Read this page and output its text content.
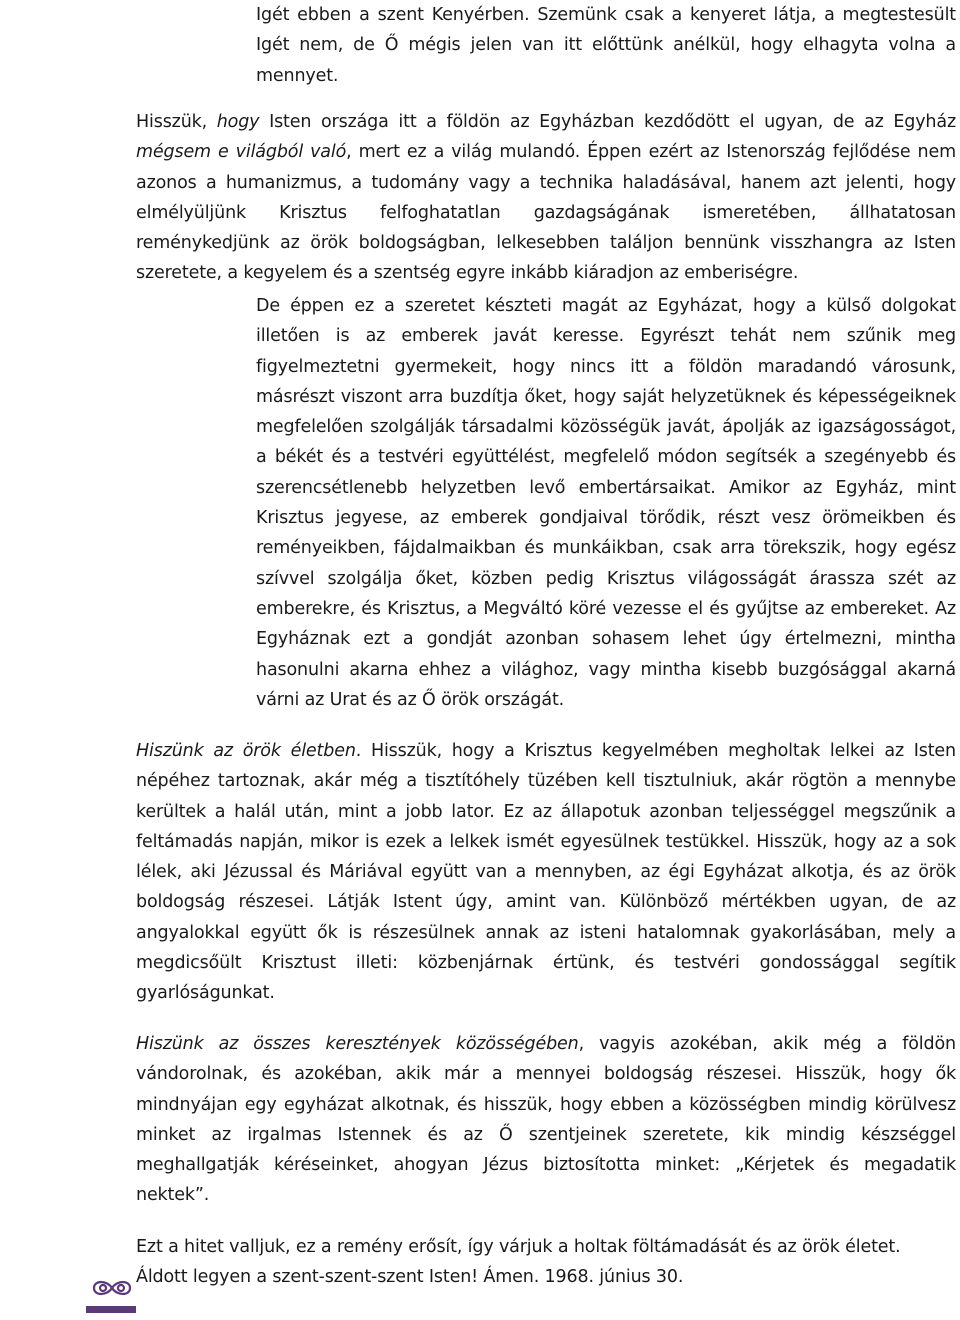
Igét ebben a szent Kenyérben. Szemünk csak a kenyeret látja, a megtestesült Igét nem, de Ő mégis jelen van itt előttünk anélkül, hogy elhagyta volna a mennyet.

Hisszük, hogy Isten országa itt a földön az Egyházban kezdődött el ugyan, de az Egyház mégsem e világból való, mert ez a világ mulandó. Éppen ezért az Istenország fejlődése nem azonos a humanizmus, a tudomány vagy a technika haladásával, hanem azt jelenti, hogy elmélyüljünk Krisztus felfoghatatlan gazdagságának ismeretében, állhatatosan reménykedjünk az örök boldogságban, lelkesebben találjon bennünk visszhangra az Isten szeretete, a kegyelem és a szentség egyre inkább kiáradjon az emberiségre.

De éppen ez a szeretet készteti magát az Egyházat, hogy a külső dolgokat illetően is az emberek javát keresse. Egyrészt tehát nem szűnik meg figyelmeztetni gyermekeit, hogy nincs itt a földön maradandó városunk, másrészt viszont arra buzdítja őket, hogy saját helyzetüknek és képességeiknek megfelelően szolgálják társadalmi közösségük javát, ápolják az igazságosságot, a békét és a testvéri együttélést, megfelelő módon segítsék a szegényebb és szerencsétlenebb helyzetben levő embertársaikat. Amikor az Egyház, mint Krisztus jegyese, az emberek gondjaival törődik, részt vesz örömeikben és reményeikben, fájdalmaikban és munkáikban, csak arra törekszik, hogy egész szívvel szolgálja őket, közben pedig Krisztus világosságát árassza szét az emberekre, és Krisztus, a Megváltó köré vezesse el és gyűjtse az embereket. Az Egyháznak ezt a gondját azonban sohasem lehet úgy értelmezni, mintha hasonulni akarna ehhez a világhoz, vagy mintha kisebb buzgósággal akarná várni az Urat és az Ő örök országát.

Hiszünk az örök életben. Hisszük, hogy a Krisztus kegyelmében megholtak lelkei az Isten népéhez tartoznak, akár még a tisztítóhely tüzében kell tisztulniuk, akár rögtön a mennybe kerültek a halál után, mint a jobb lator. Ez az állapotuk azonban teljességgel megszűnik a feltámadás napján, mikor is ezek a lelkek ismét egyesülnek testükkel. Hisszük, hogy az a sok lélek, aki Jézussal és Máriával együtt van a mennyben, az égi Egyházat alkotja, és az örök boldogság részesei. Látják Istent úgy, amint van. Különböző mértékben ugyan, de az angyalokkal együtt ők is részesülnek annak az isteni hatalomnak gyakorlásában, mely a megdicsőült Krisztust illeti: közbenjárnak értünk, és testvéri gondossággal segítik gyarlóságunkat.

Hiszünk az összes keresztények közösségében, vagyis azokéban, akik még a földön vándorolnak, és azokéban, akik már a mennyei boldogság részesei. Hisszük, hogy ők mindnyájan egy egyházat alkotnak, és hisszük, hogy ebben a közösségben mindig körülvesz minket az irgalmas Istennek és az Ő szentjeinek szeretete, kik mindig készséggel meghallgatják kéréseinket, ahogyan Jézus biztosította minket: „Kérjetek és megadatik nektek”.

Ezt a hitet valljuk, ez a remény erősít, így várjuk a holtak föltámadását és az örök életet.
Áldott legyen a szent-szent-szent Isten! Ámen. 1968. június 30.
